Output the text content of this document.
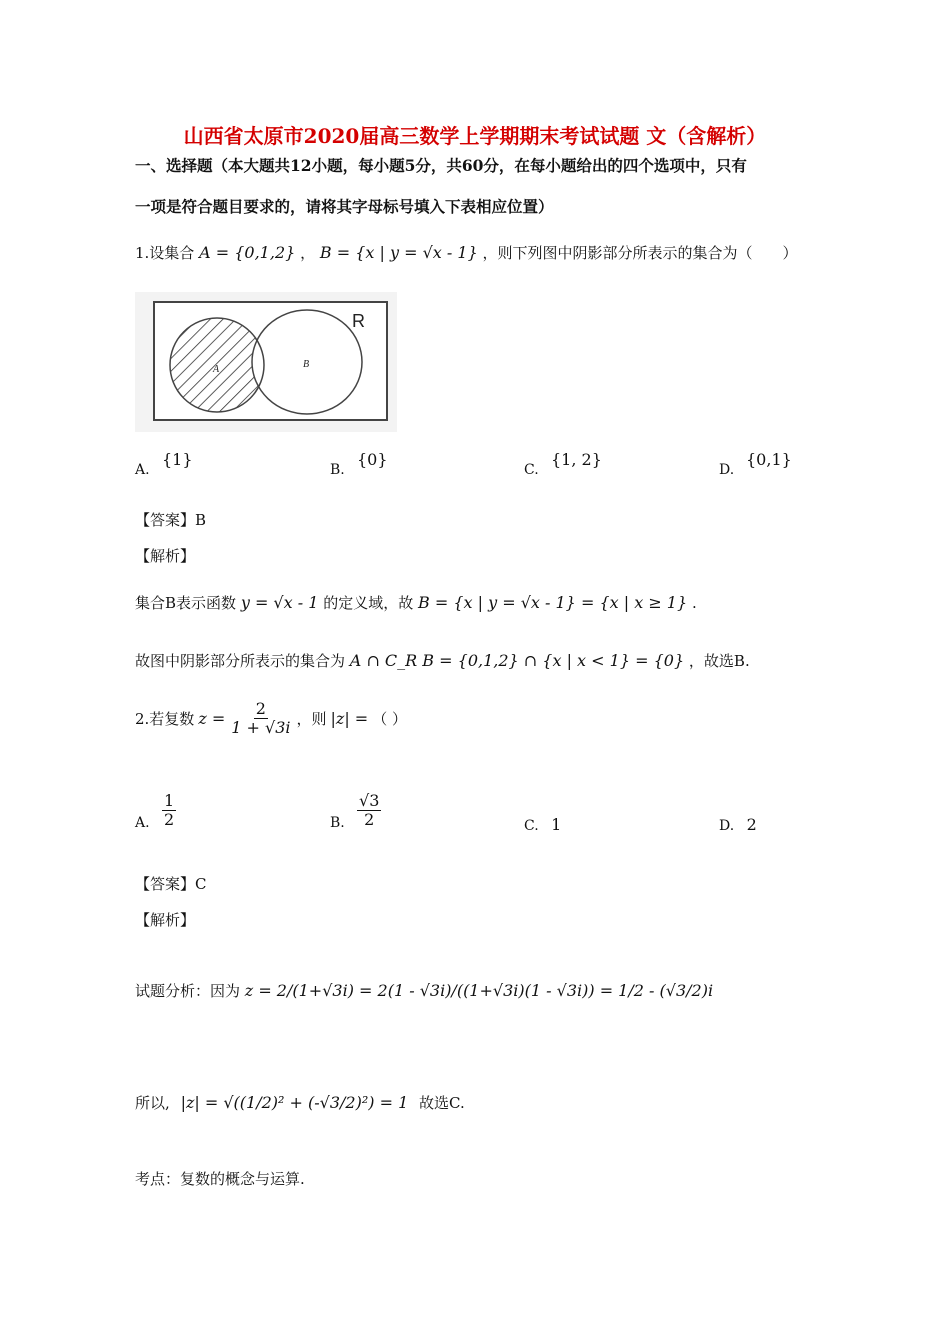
山西省太原市2020届高三数学上学期期末考试试题 文（含解析）
一、选择题（本大题共12小题，每小题5分，共60分，在每小题给出的四个选项中，只有
一项是符合题目要求的，请将其字母标号填入下表相应位置）
1.设集合 A = {0,1,2} ， B = {x | y = √x - 1} ，则下列图中阴影部分所表示的集合为（　　）
R
A	B
A.
{1}
B.
{0}
C.
{1, 2}
D.
{0,1}
【答案】B
【解析】
集合B表示函数 y = √x - 1 的定义域，故 B = {x | y = √x - 1} = {x | x ≥ 1} .
故图中阴影部分所表示的集合为 A ∩ C_R B = {0,1,2} ∩ {x | x < 1} = {0} ，故选B.
2.若复数 $z = \frac{2}{1 + √3i}$ ，则 |z| = （ ）
A. $\frac{1}{2}$	B. $\frac{√3}{2}$	C. 1	D. 2
【答案】C
【解析】
试题分析：因为 z = 2/(1+√3i) = 2(1 - √3i)/((1+√3i)(1 - √3i)) = 1/2 - (√3/2)i
所以, |z| = √((1/2)² + (-√3/2)²) = 1 故选C.
考点：复数的概念与运算.
